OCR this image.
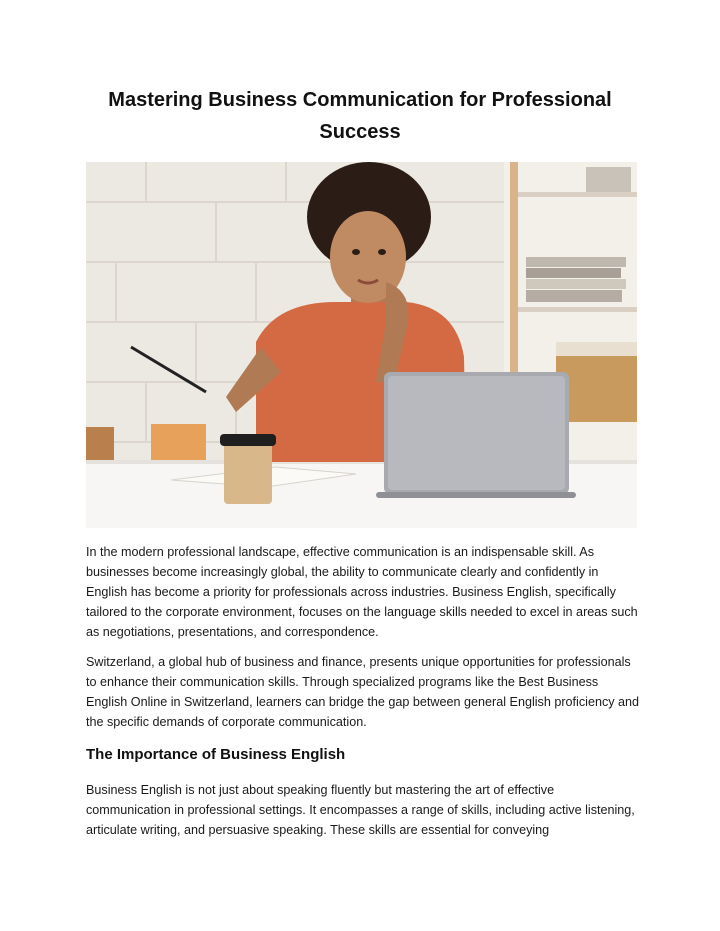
Mastering Business Communication for Professional Success

In the modern professional landscape, effective communication is an indispensable skill. As businesses become increasingly global, the ability to communicate clearly and confidently in English has become a priority for professionals across industries. Business English, specifically tailored to the corporate environment, focuses on the language skills needed to excel in areas such as negotiations, presentations, and correspondence.

Switzerland, a global hub of business and finance, presents unique opportunities for professionals to enhance their communication skills. Through specialized programs like the Best Business English Online in Switzerland, learners can bridge the gap between general English proficiency and the specific demands of corporate communication.

The Importance of Business English

Business English is not just about speaking fluently but mastering the art of effective communication in professional settings. It encompasses a range of skills, including active listening, articulate writing, and persuasive speaking. These skills are essential for conveying
